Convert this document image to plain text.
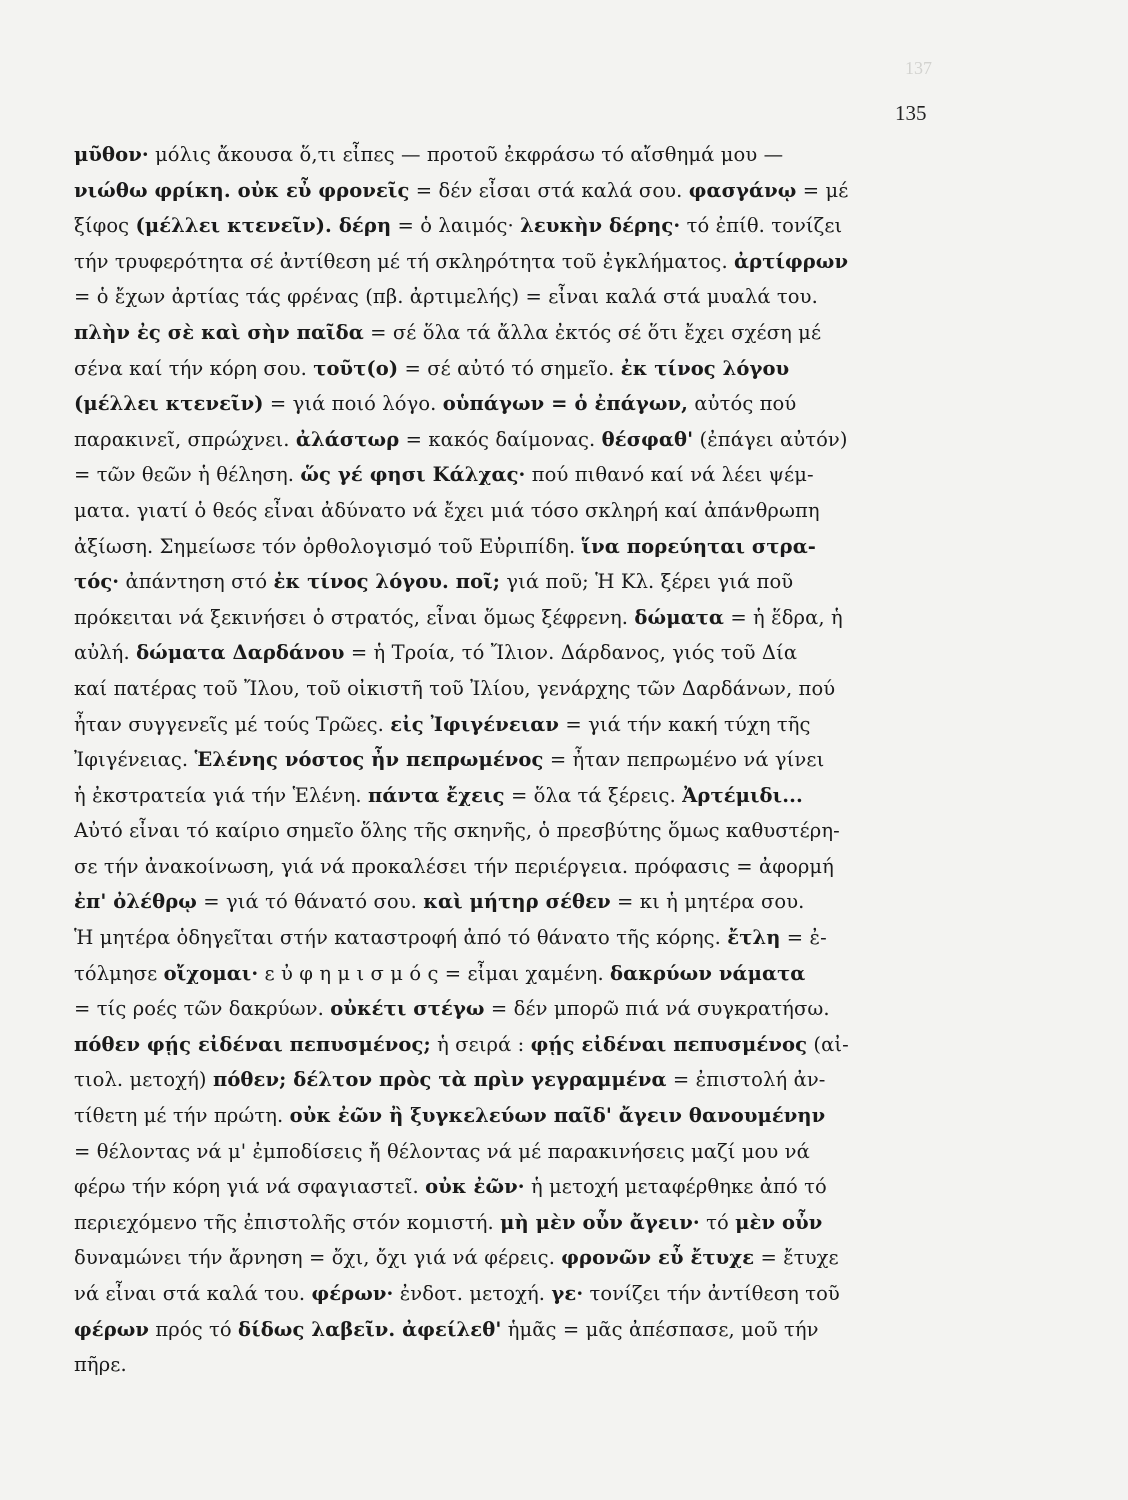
137
135
μῦθον· μόλις ἄκουσα ὅ,τι εἶπες — προτοῦ ἐκφράσω τό αἴσθημά μου —
νιώθω φρίκη. οὐκ εὖ φρονεῖς = δέν εἶσαι στά καλά σου. φασγάνῳ = μέ
ξίφος (μέλλει κτενεῖν). δέρη = ὁ λαιμός· λευκὴν δέρης· τό ἐπίθ. τονίζει
τήν τρυφερότητα σέ ἀντίθεση μέ τή σκληρότητα τοῦ ἐγκλήματος. ἀρτίφρων
= ὁ ἔχων ἀρτίας τάς φρένας (πβ. ἀρτιμελής) = εἶναι καλά στά μυαλά του.
πλὴν ἐς σὲ καὶ σὴν παῖδα = σέ ὅλα τά ἄλλα ἐκτός σέ ὅτι ἔχει σχέση μέ
σένα καί τήν κόρη σου. τοῦτ(ο) = σέ αὐτό τό σημεῖο. ἐκ τίνος λόγου
(μέλλει κτενεῖν) = γιά ποιό λόγο. οὑπάγων = ὁ ἐπάγων, αὐτός πού
παρακινεῖ, σπρώχνει. ἀλάστωρ = κακός δαίμονας. θέσφαθ' (ἐπάγει αὐτόν)
= τῶν θεῶν ἡ θέληση. ὥς γέ φησι Κάλχας· πού πιθανό καί νά λέει ψέμ-
ματα. γιατί ὁ θεός εἶναι ἀδύνατο νά ἔχει μιά τόσο σκληρή καί ἀπάνθρωπη
ἀξίωση. Σημείωσε τόν ὀρθολογισμό τοῦ Εὐριπίδη. ἵνα πορεύηται στρα-
τός· ἀπάντηση στό ἐκ τίνος λόγου. ποῖ; γιά ποῦ; Ἡ Κλ. ξέρει γιά ποῦ
πρόκειται νά ξεκινήσει ὁ στρατός, εἶναι ὅμως ξέφρενη. δώματα = ἡ ἕδρα, ἡ
αὐλή. δώματα Δαρδάνου = ἡ Τροία, τό Ἴλιον. Δάρδανος, γιός τοῦ Δία
καί πατέρας τοῦ Ἴλου, τοῦ οἰκιστῆ τοῦ Ἰλίου, γενάρχης τῶν Δαρδάνων, πού
ἦταν συγγενεῖς μέ τούς Τρῶες. εἰς Ἰφιγένειαν = γιά τήν κακή τύχη τῆς
Ἰφιγένειας. Ἑλένης νόστος ἦν πεπρωμένος = ἦταν πεπρωμένο νά γίνει
ἡ ἐκστρατεία γιά τήν Ἑλένη. πάντα ἔχεις = ὅλα τά ξέρεις. Ἀρτέμιδι...
Αὐτό εἶναι τό καίριο σημεῖο ὅλης τῆς σκηνῆς, ὁ πρεσβύτης ὅμως καθυστέρη-
σε τήν ἀνακοίνωση, γιά νά προκαλέσει τήν περιέργεια. πρόφασις = ἀφορμή
ἐπ' ὀλέθρῳ = γιά τό θάνατό σου. καὶ μήτηρ σέθεν = κι ἡ μητέρα σου.
Ἡ μητέρα ὁδηγεῖται στήν καταστροφή ἀπό τό θάνατο τῆς κόρης. ἔτλη = ἐ-
τόλμησε οἴχομαι· ε ὐ φ η μ ι σ μ ό ς = εἶμαι χαμένη. δακρύων νάματα
= τίς ροές τῶν δακρύων. οὐκέτι στέγω = δέν μπορῶ πιά νά συγκρατήσω.
πόθεν φῄς εἰδέναι πεπυσμένος; ἡ σειρά : φῄς εἰδέναι πεπυσμένος (αἰ-
τιολ. μετοχή) πόθεν; δέλτον πρὸς τὰ πρὶν γεγραμμένα = ἐπιστολή ἀν-
τίθετη μέ τήν πρώτη. οὐκ ἐῶν ἢ ξυγκελεύων παῖδ' ἄγειν θανουμένην
= θέλοντας νά μ' ἐμποδίσεις ἤ θέλοντας νά μέ παρακινήσεις μαζί μου νά
φέρω τήν κόρη γιά νά σφαγιαστεῖ. οὐκ ἐῶν· ἡ μετοχή μεταφέρθηκε ἀπό τό
περιεχόμενο τῆς ἐπιστολῆς στόν κομιστή. μὴ μὲν οὖν ἄγειν· τό μὲν οὖν
δυναμώνει τήν ἄρνηση = ὄχι, ὄχι γιά νά φέρεις. φρονῶν εὖ ἔτυχε = ἔτυχε
νά εἶναι στά καλά του. φέρων· ἐνδοτ. μετοχή. γε· τονίζει τήν ἀντίθεση τοῦ
φέρων πρός τό δίδως λαβεῖν. ἀφείλεθ' ἡμᾶς = μᾶς ἀπέσπασε, μοῦ τήν
πῆρε.
